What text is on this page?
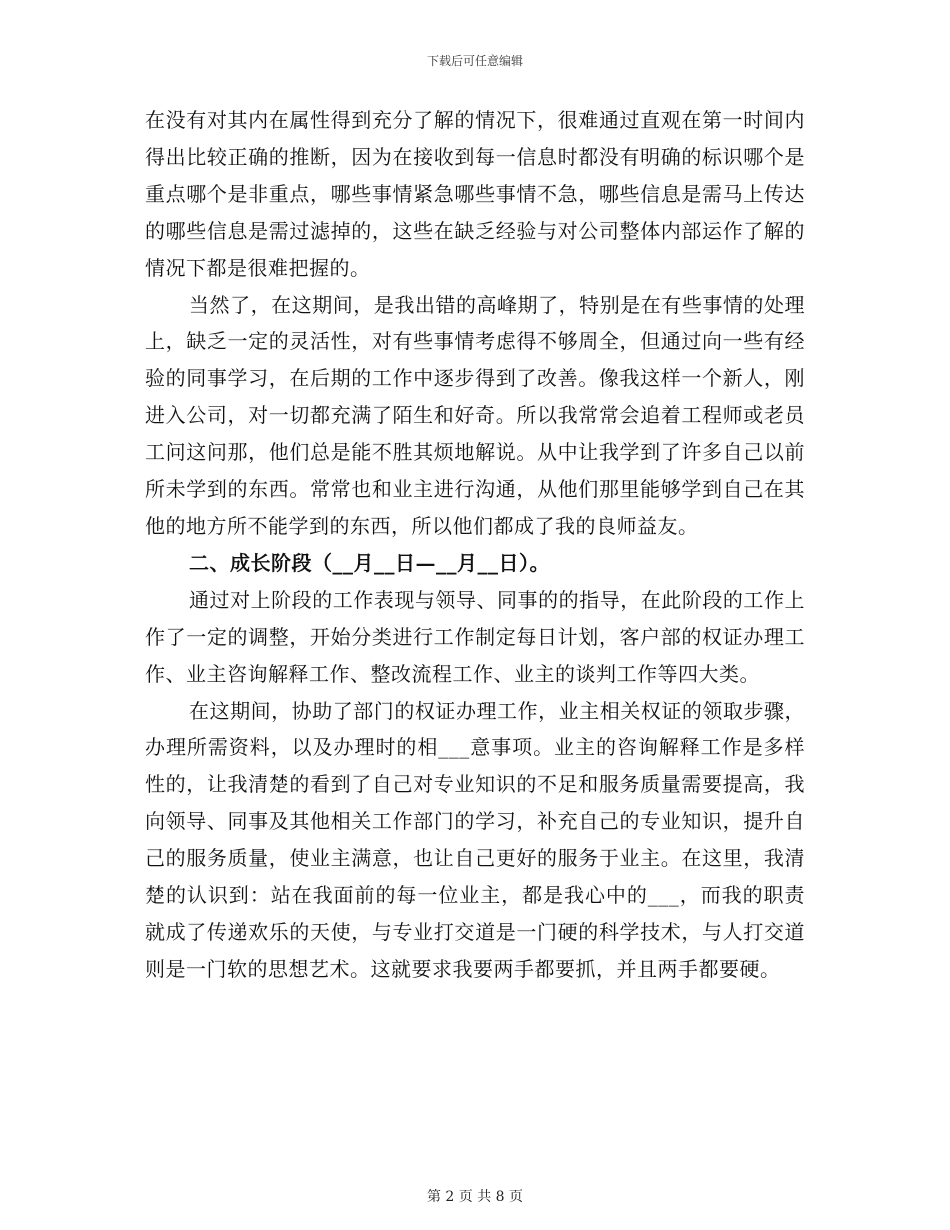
下载后可任意编辑

在没有对其内在属性得到充分了解的情况下，很难通过直观在第一时间内得出比较正确的推断，因为在接收到每一信息时都没有明确的标识哪个是重点哪个是非重点，哪些事情紧急哪些事情不急，哪些信息是需马上传达的哪些信息是需过滤掉的，这些在缺乏经验与对公司整体内部运作了解的情况下都是很难把握的。

当然了，在这期间，是我出错的高峰期了，特别是在有些事情的处理上，缺乏一定的灵活性，对有些事情考虑得不够周全，但通过向一些有经验的同事学习，在后期的工作中逐步得到了改善。像我这样一个新人，刚进入公司，对一切都充满了陌生和好奇。所以我常常会追着工程师或老员工问这问那，他们总是能不胜其烦地解说。从中让我学到了许多自己以前所未学到的东西。常常也和业主进行沟通，从他们那里能够学到自己在其他的地方所不能学到的东西，所以他们都成了我的良师益友。

二、成长阶段（__月__日—__月__日）。

通过对上阶段的工作表现与领导、同事的的指导，在此阶段的工作上作了一定的调整，开始分类进行工作制定每日计划，客户部的权证办理工作、业主咨询解释工作、整改流程工作、业主的谈判工作等四大类。

在这期间，协助了部门的权证办理工作，业主相关权证的领取步骤，办理所需资料，以及办理时的相___意事项。业主的咨询解释工作是多样性的，让我清楚的看到了自己对专业知识的不足和服务质量需要提高，我向领导、同事及其他相关工作部门的学习，补充自己的专业知识，提升自己的服务质量，使业主满意，也让自己更好的服务于业主。在这里，我清楚的认识到：站在我面前的每一位业主，都是我心中的___，而我的职责就成了传递欢乐的天使，与专业打交道是一门硬的科学技术，与人打交道则是一门软的思想艺术。这就要求我要两手都要抓，并且两手都要硬。

第 2 页 共 8 页
